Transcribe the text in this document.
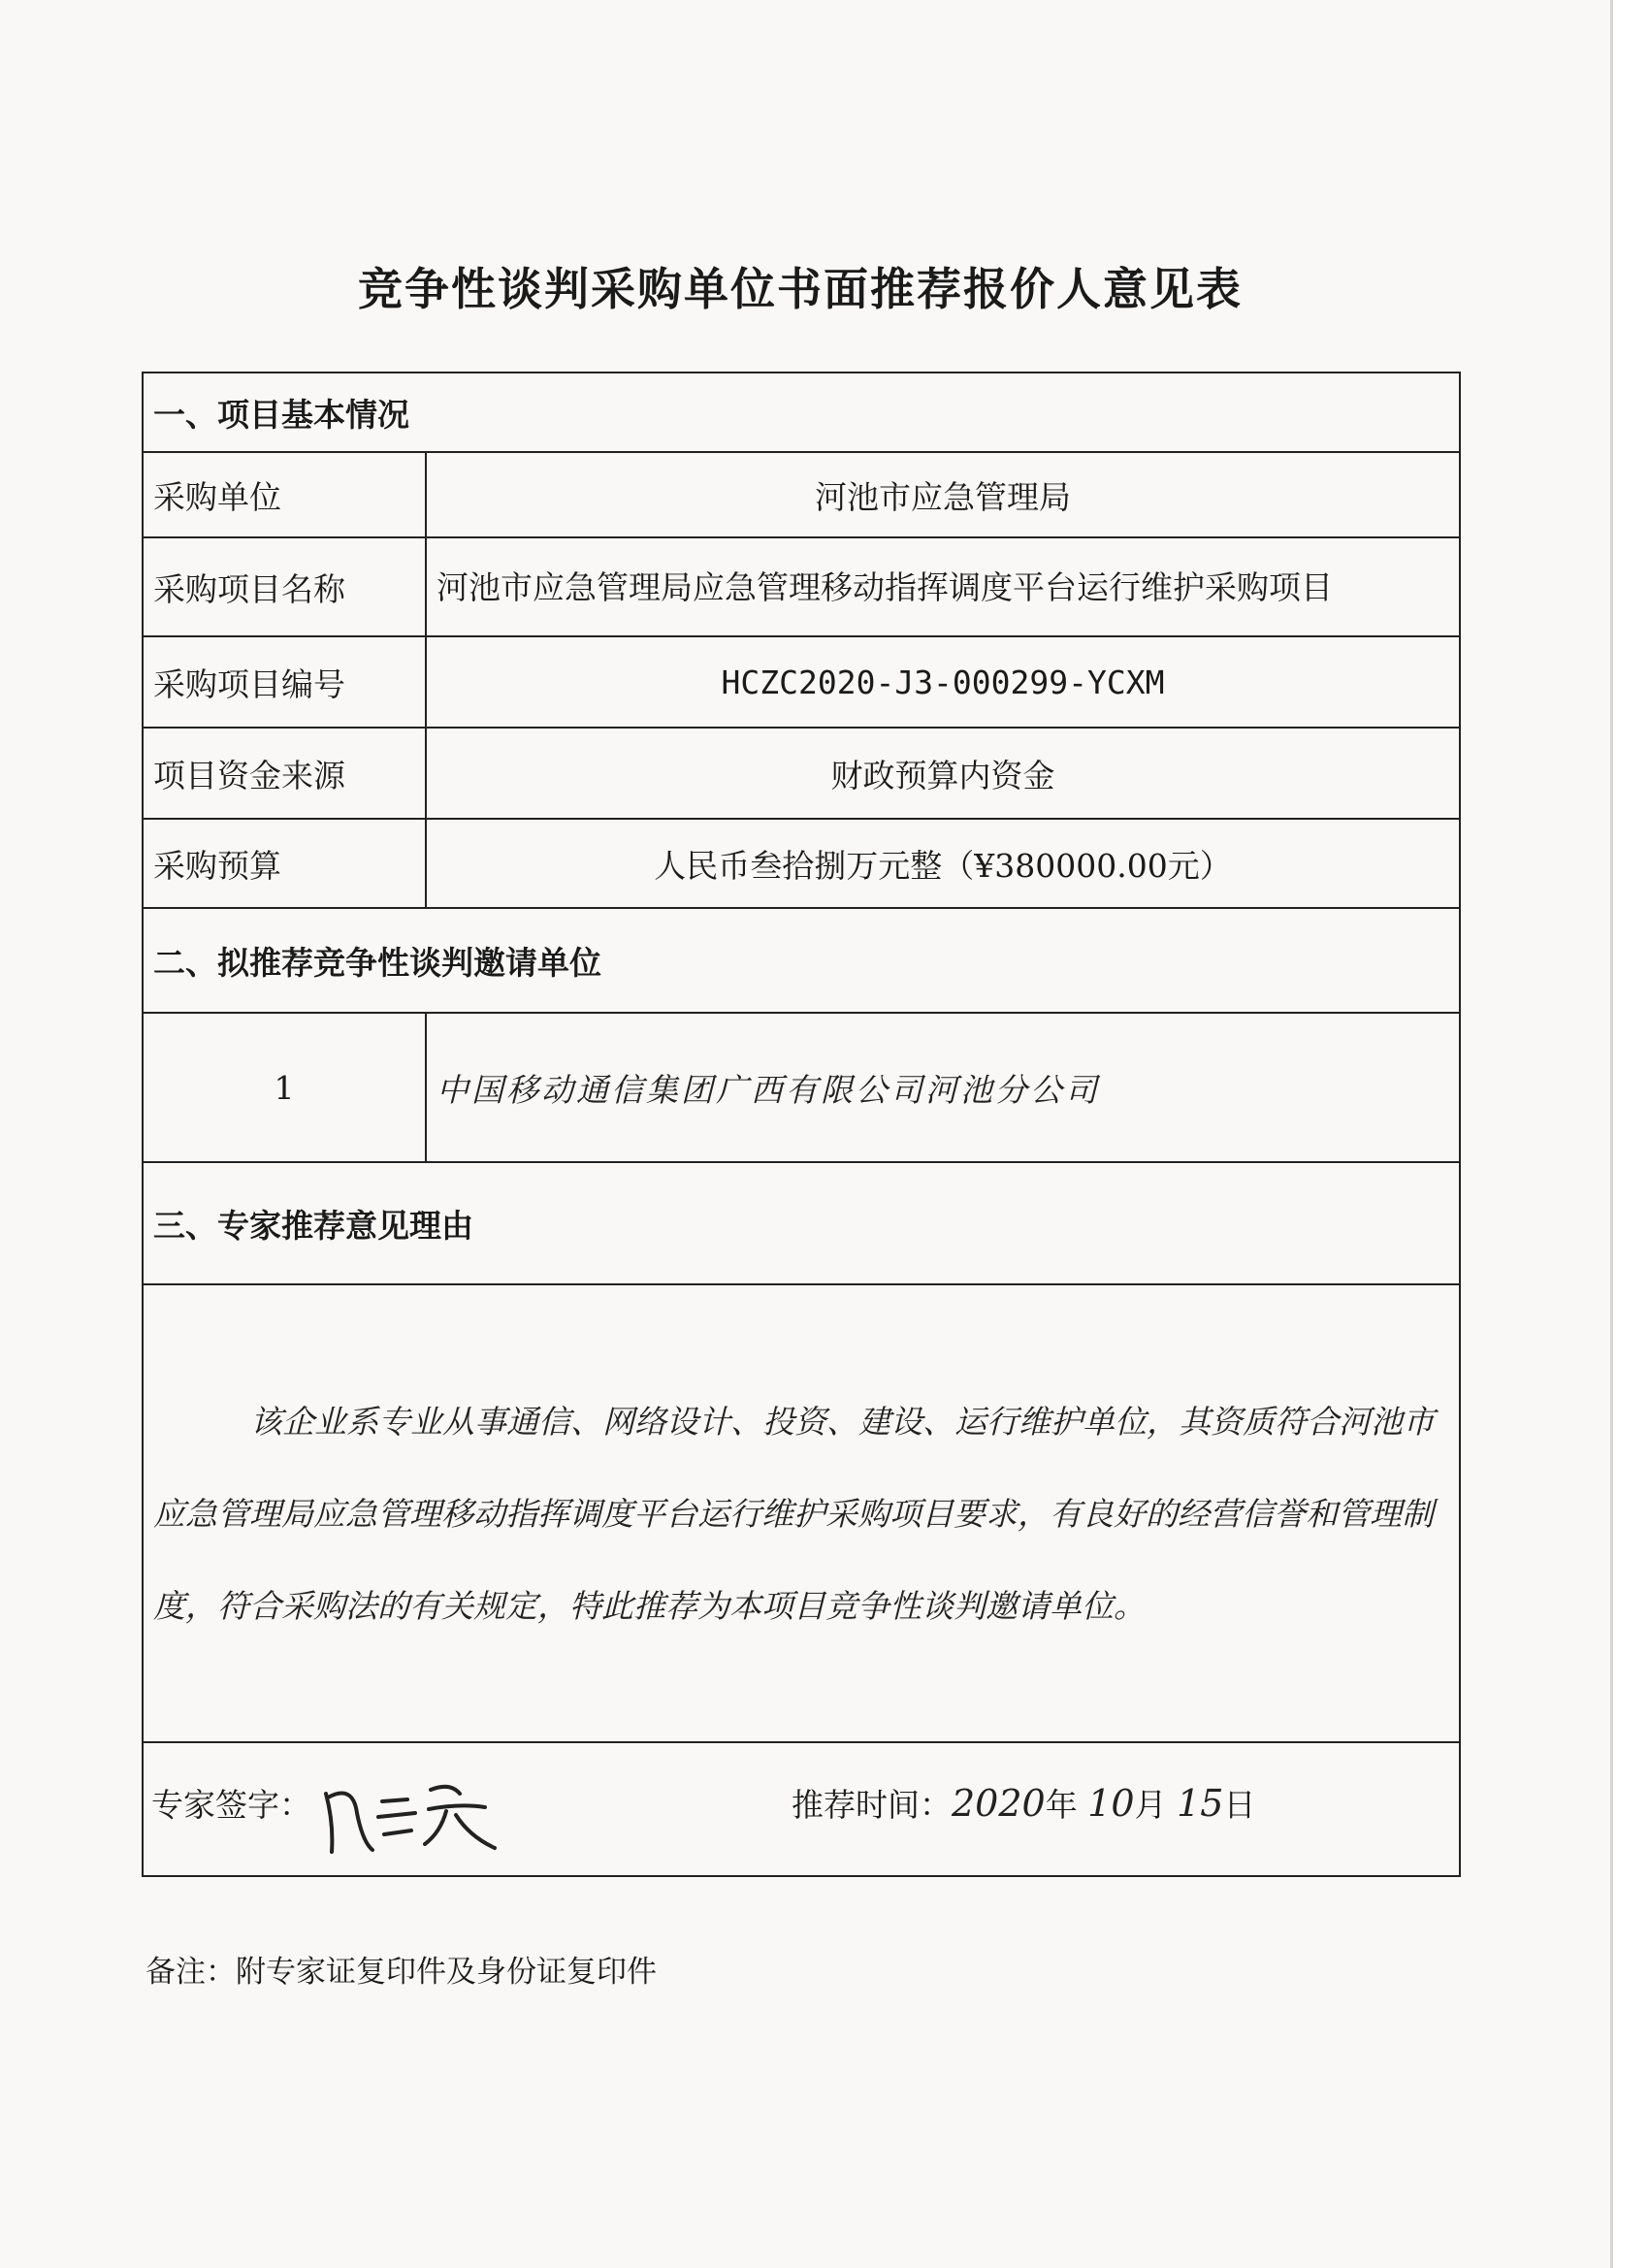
竞争性谈判采购单位书面推荐报价人意见表
一、项目基本情况	
采购单位	河池市应急管理局
采购项目名称	河池市应急管理局应急管理移动指挥调度平台运行维护采购项目
采购项目编号	HCZC2020-J3-000299-YCXM
项目资金来源	财政预算内资金
采购预算	人民币叁拾捌万元整（¥380000.00元）
二、拟推荐竞争性谈判邀请单位	
1	中国移动通信集团广西有限公司河池分公司
三、专家推荐意见理由	

该企业系专业从事通信、网络设计、投资、建设、运行维护单位，其资质符合河池市应急管理局应急管理移动指挥调度平台运行维护采购项目要求，有良好的经营信誉和管理制度，符合采购法的有关规定，特此推荐为本项目竞争性谈判邀请单位。	

专家签字： 推荐时间：2020年 10月 15日	
备注：附专家证复印件及身份证复印件
